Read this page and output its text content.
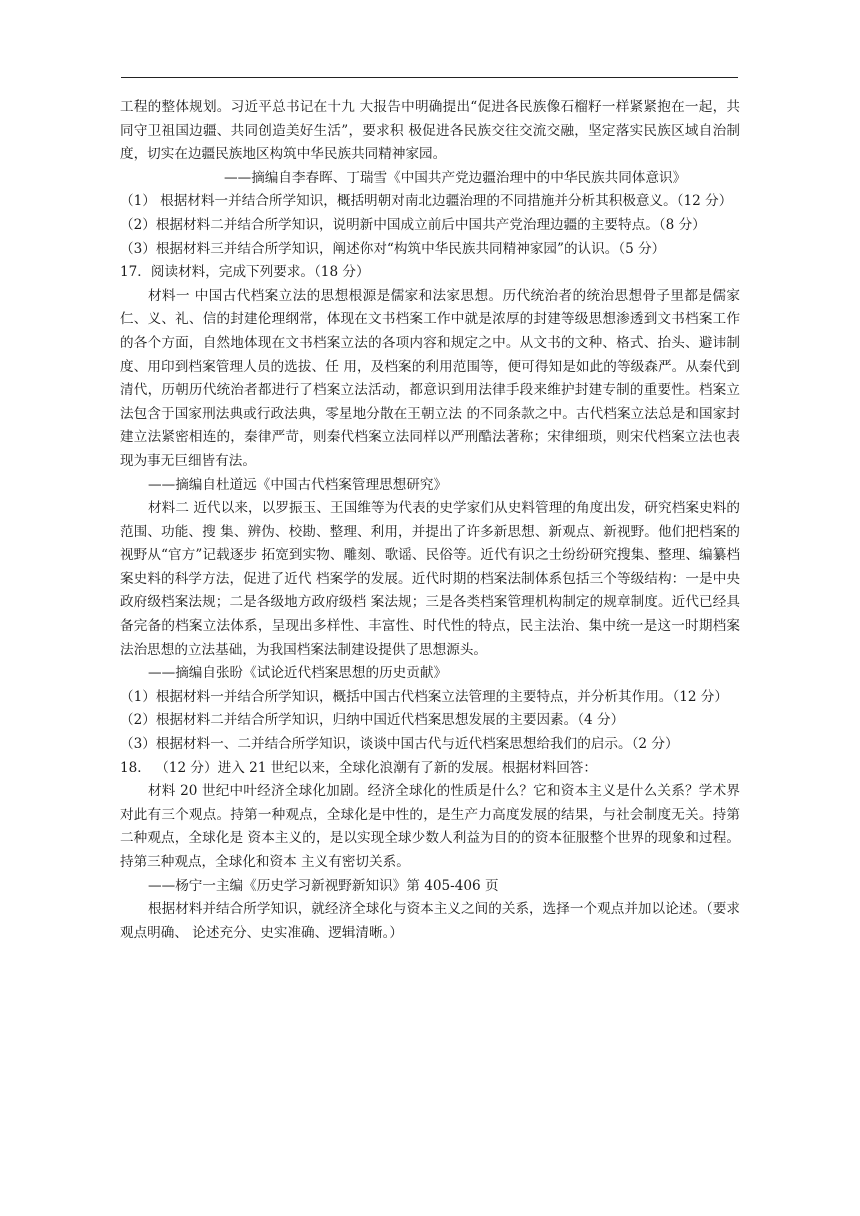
工程的整体规划。习近平总书记在十九 大报告中明确提出“促进各民族像石榴籽一样紧紧抱在一起，共同守卫祖国边疆、共同创造美好生活”，要求积 极促进各民族交往交流交融，坚定落实民族区域自治制度，切实在边疆民族地区构筑中华民族共同精神家园。

——摘编自李春晖、丁瑞雪《中国共产党边疆治理中的中华民族共同体意识》

（1） 根据材料一并结合所学知识，概括明朝对南北边疆治理的不同措施并分析其积极意义。（12 分）

（2）根据材料二并结合所学知识，说明新中国成立前后中国共产党治理边疆的主要特点。（8 分）

（3）根据材料三并结合所学知识，阐述你对“构筑中华民族共同精神家园”的认识。（5 分）

17．阅读材料，完成下列要求。（18 分）

材料一 中国古代档案立法的思想根源是儒家和法家思想。历代统治者的统治思想骨子里都是儒家仁、义、礼、信的封建伦理纲常，体现在文书档案工作中就是浓厚的封建等级思想渗透到文书档案工作的各个方面，自然地体现在文书档案立法的各项内容和规定之中。从文书的文种、格式、抬头、避讳制度、用印到档案管理人员的选拔、任 用，及档案的利用范围等，便可得知是如此的等级森严。从秦代到清代，历朝历代统治者都进行了档案立法活动，都意识到用法律手段来维护封建专制的重要性。档案立法包含于国家刑法典或行政法典，零星地分散在王朝立法 的不同条款之中。古代档案立法总是和国家封建立法紧密相连的，秦律严苛，则秦代档案立法同样以严刑酷法著称；宋律细琐，则宋代档案立法也表现为事无巨细皆有法。

——摘编自杜道远《中国古代档案管理思想研究》

材料二 近代以来，以罗振玉、王国维等为代表的史学家们从史料管理的角度出发，研究档案史料的范围、功能、搜 集、辨伪、校勘、整理、利用，并提出了许多新思想、新观点、新视野。他们把档案的视野从“官方”记载逐步 拓宽到实物、雕刻、歌谣、民俗等。近代有识之士纷纷研究搜集、整理、编纂档案史料的科学方法，促进了近代 档案学的发展。近代时期的档案法制体系包括三个等级结构：一是中央政府级档案法规；二是各级地方政府级档 案法规；三是各类档案管理机构制定的规章制度。近代已经具备完备的档案立法体系，呈现出多样性、丰富性、时代性的特点，民主法治、集中统一是这一时期档案法治思想的立法基础，为我国档案法制建设提供了思想源头。

——摘编自张昐《试论近代档案思想的历史贡献》

（1）根据材料一并结合所学知识，概括中国古代档案立法管理的主要特点，并分析其作用。（12 分）

（2）根据材料二并结合所学知识，归纳中国近代档案思想发展的主要因素。（4 分）

（3）根据材料一、二并结合所学知识，谈谈中国古代与近代档案思想给我们的启示。（2 分）

18． （12 分）进入 21 世纪以来，全球化浪潮有了新的发展。根据材料回答：

材料 20 世纪中叶经济全球化加剧。经济全球化的性质是什么？它和资本主义是什么关系？学术界对此有三个观点。持第一种观点，全球化是中性的，是生产力高度发展的结果，与社会制度无关。持第二种观点，全球化是 资本主义的，是以实现全球少数人利益为目的的资本征服整个世界的现象和过程。持第三种观点，全球化和资本 主义有密切关系。

——杨宁一主编《历史学习新视野新知识》第 405-406 页

根据材料并结合所学知识，就经济全球化与资本主义之间的关系，选择一个观点并加以论述。（要求观点明确、 论述充分、史实准确、逻辑清晰。）
